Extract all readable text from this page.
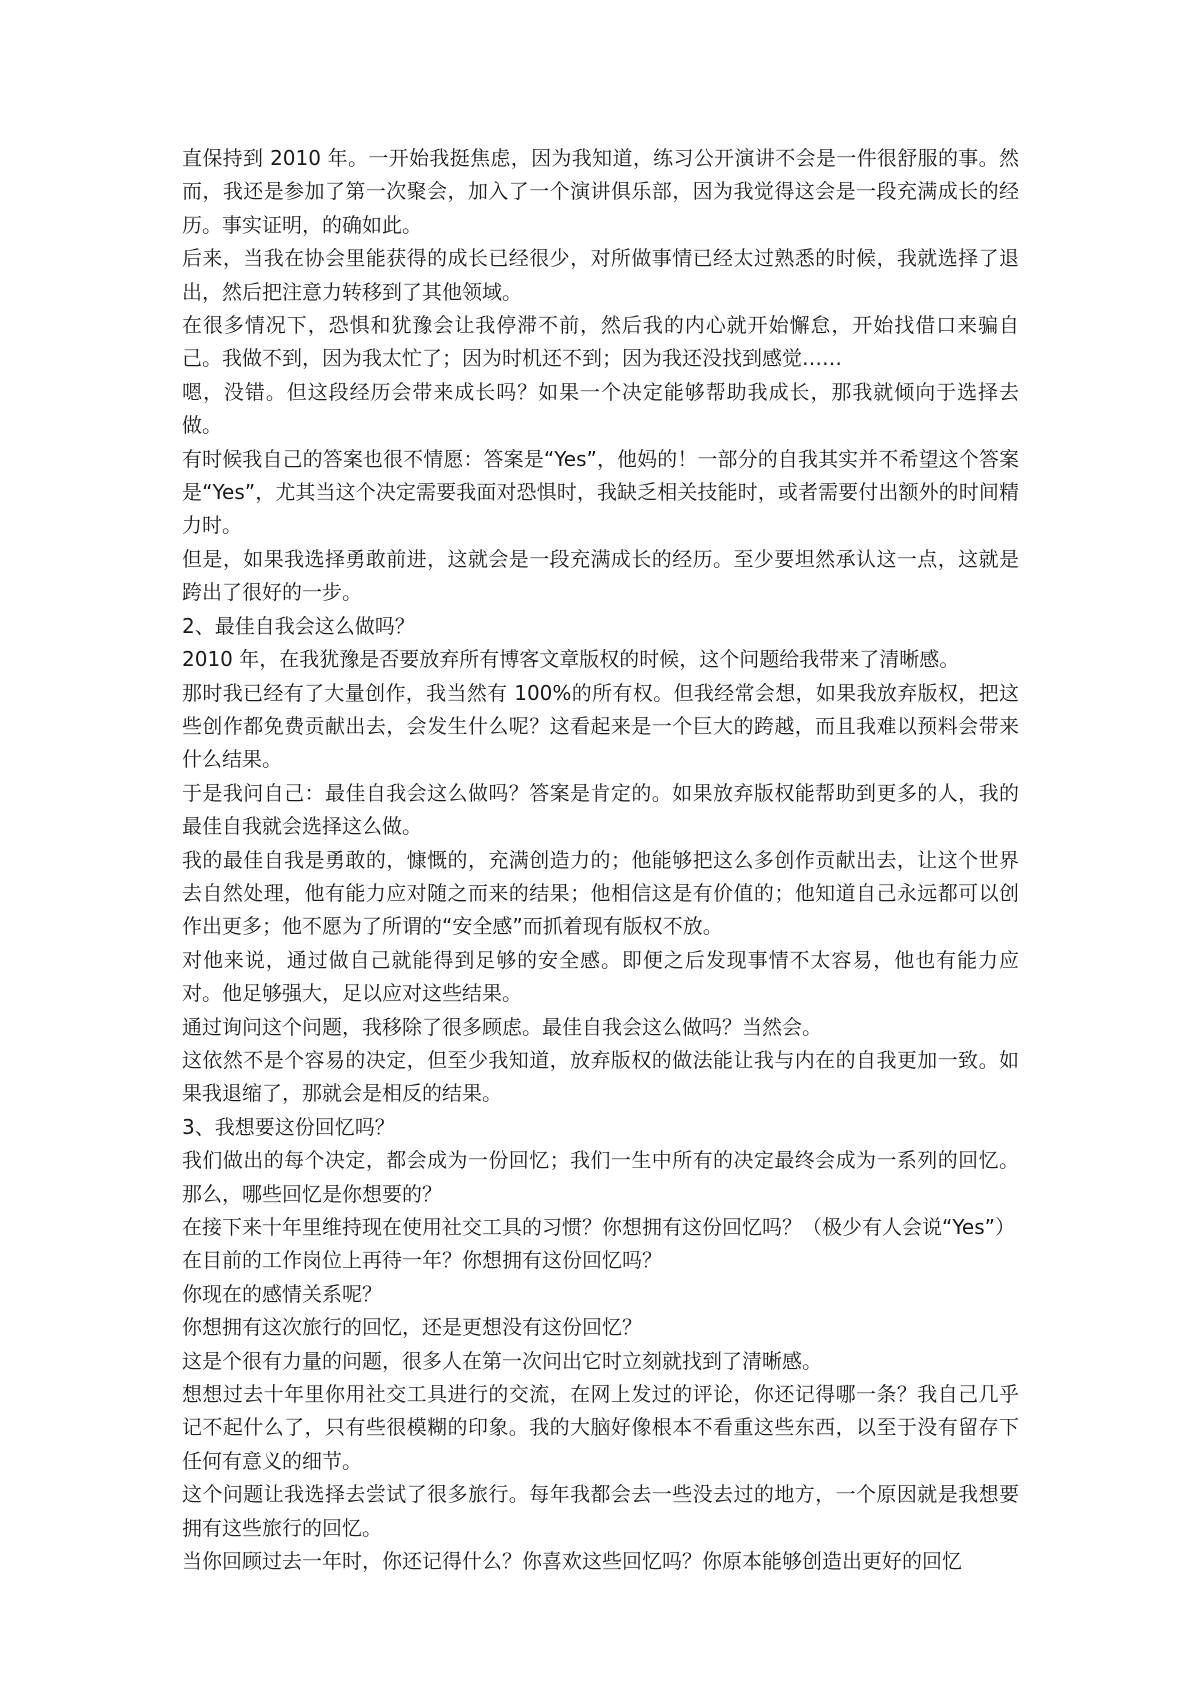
直保持到 2010 年。一开始我挺焦虑，因为我知道，练习公开演讲不会是一件很舒服的事。然而，我还是参加了第一次聚会，加入了一个演讲俱乐部，因为我觉得这会是一段充满成长的经历。事实证明，的确如此。

后来，当我在协会里能获得的成长已经很少，对所做事情已经太过熟悉的时候，我就选择了退出，然后把注意力转移到了其他领域。

在很多情况下，恐惧和犹豫会让我停滞不前，然后我的内心就开始懈怠，开始找借口来骗自己。我做不到，因为我太忙了；因为时机还不到；因为我还没找到感觉……

嗯，没错。但这段经历会带来成长吗？如果一个决定能够帮助我成长，那我就倾向于选择去做。

有时候我自己的答案也很不情愿：答案是“Yes”，他妈的！一部分的自我其实并不希望这个答案是“Yes”，尤其当这个决定需要我面对恐惧时，我缺乏相关技能时，或者需要付出额外的时间精力时。

但是，如果我选择勇敢前进，这就会是一段充满成长的经历。至少要坦然承认这一点，这就是跨出了很好的一步。

2、最佳自我会这么做吗？

2010 年，在我犹豫是否要放弃所有博客文章版权的时候，这个问题给我带来了清晰感。

那时我已经有了大量创作，我当然有 100%的所有权。但我经常会想，如果我放弃版权，把这些创作都免费贡献出去，会发生什么呢？这看起来是一个巨大的跨越，而且我难以预料会带来什么结果。

于是我问自己：最佳自我会这么做吗？答案是肯定的。如果放弃版权能帮助到更多的人，我的最佳自我就会选择这么做。

我的最佳自我是勇敢的，慷慨的，充满创造力的；他能够把这么多创作贡献出去，让这个世界去自然处理，他有能力应对随之而来的结果；他相信这是有价值的；他知道自己永远都可以创作出更多；他不愿为了所谓的“安全感”而抓着现有版权不放。

对他来说，通过做自己就能得到足够的安全感。即便之后发现事情不太容易，他也有能力应对。他足够强大，足以应对这些结果。

通过询问这个问题，我移除了很多顾虑。最佳自我会这么做吗？当然会。

这依然不是个容易的决定，但至少我知道，放弃版权的做法能让我与内在的自我更加一致。如果我退缩了，那就会是相反的结果。

3、我想要这份回忆吗？

我们做出的每个决定，都会成为一份回忆；我们一生中所有的决定最终会成为一系列的回忆。那么，哪些回忆是你想要的？

在接下来十年里维持现在使用社交工具的习惯？你想拥有这份回忆吗？（极少有人会说“Yes”）

在目前的工作岗位上再待一年？你想拥有这份回忆吗？

你现在的感情关系呢？

你想拥有这次旅行的回忆，还是更想没有这份回忆？

这是个很有力量的问题，很多人在第一次问出它时立刻就找到了清晰感。

想想过去十年里你用社交工具进行的交流，在网上发过的评论，你还记得哪一条？我自己几乎记不起什么了，只有些很模糊的印象。我的大脑好像根本不看重这些东西，以至于没有留存下任何有意义的细节。

这个问题让我选择去尝试了很多旅行。每年我都会去一些没去过的地方，一个原因就是我想要拥有这些旅行的回忆。

当你回顾过去一年时，你还记得什么？你喜欢这些回忆吗？你原本能够创造出更好的回忆
